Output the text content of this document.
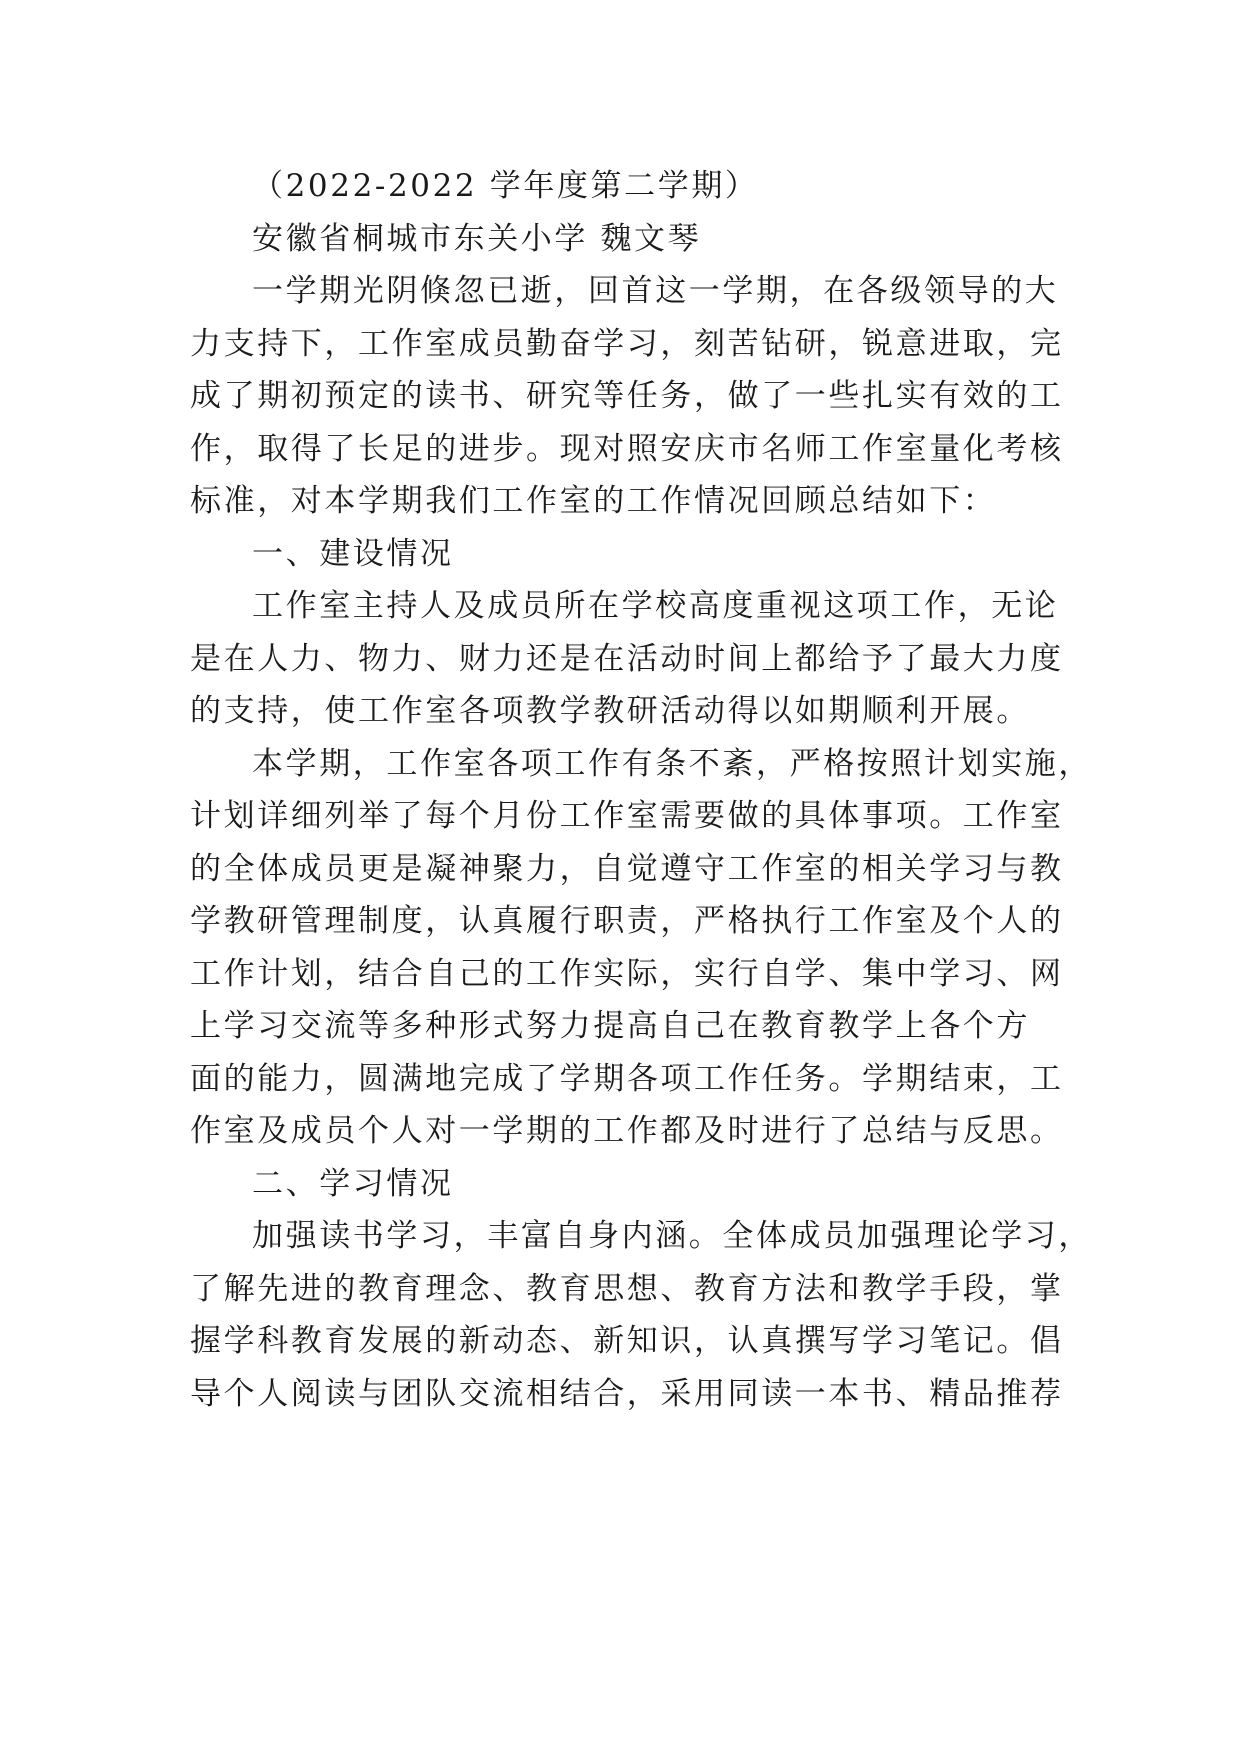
（2022-2022 学年度第二学期）
安徽省桐城市东关小学 魏文琴
一学期光阴倏忽已逝，回首这一学期，在各级领导的大
力支持下，工作室成员勤奋学习，刻苦钻研，锐意进取，完
成了期初预定的读书、研究等任务，做了一些扎实有效的工
作，取得了长足的进步。现对照安庆市名师工作室量化考核
标准，对本学期我们工作室的工作情况回顾总结如下：
一、建设情况
工作室主持人及成员所在学校高度重视这项工作，无论
是在人力、物力、财力还是在活动时间上都给予了最大力度
的支持，使工作室各项教学教研活动得以如期顺利开展。
本学期，工作室各项工作有条不紊，严格按照计划实施，
计划详细列举了每个月份工作室需要做的具体事项。工作室
的全体成员更是凝神聚力，自觉遵守工作室的相关学习与教
学教研管理制度，认真履行职责，严格执行工作室及个人的
工作计划，结合自己的工作实际，实行自学、集中学习、网
上学习交流等多种形式努力提高自己在教育教学上各个方
面的能力，圆满地完成了学期各项工作任务。学期结束，工
作室及成员个人对一学期的工作都及时进行了总结与反思。
二、学习情况
加强读书学习，丰富自身内涵。全体成员加强理论学习，
了解先进的教育理念、教育思想、教育方法和教学手段，掌
握学科教育发展的新动态、新知识，认真撰写学习笔记。倡
导个人阅读与团队交流相结合，采用同读一本书、精品推荐
